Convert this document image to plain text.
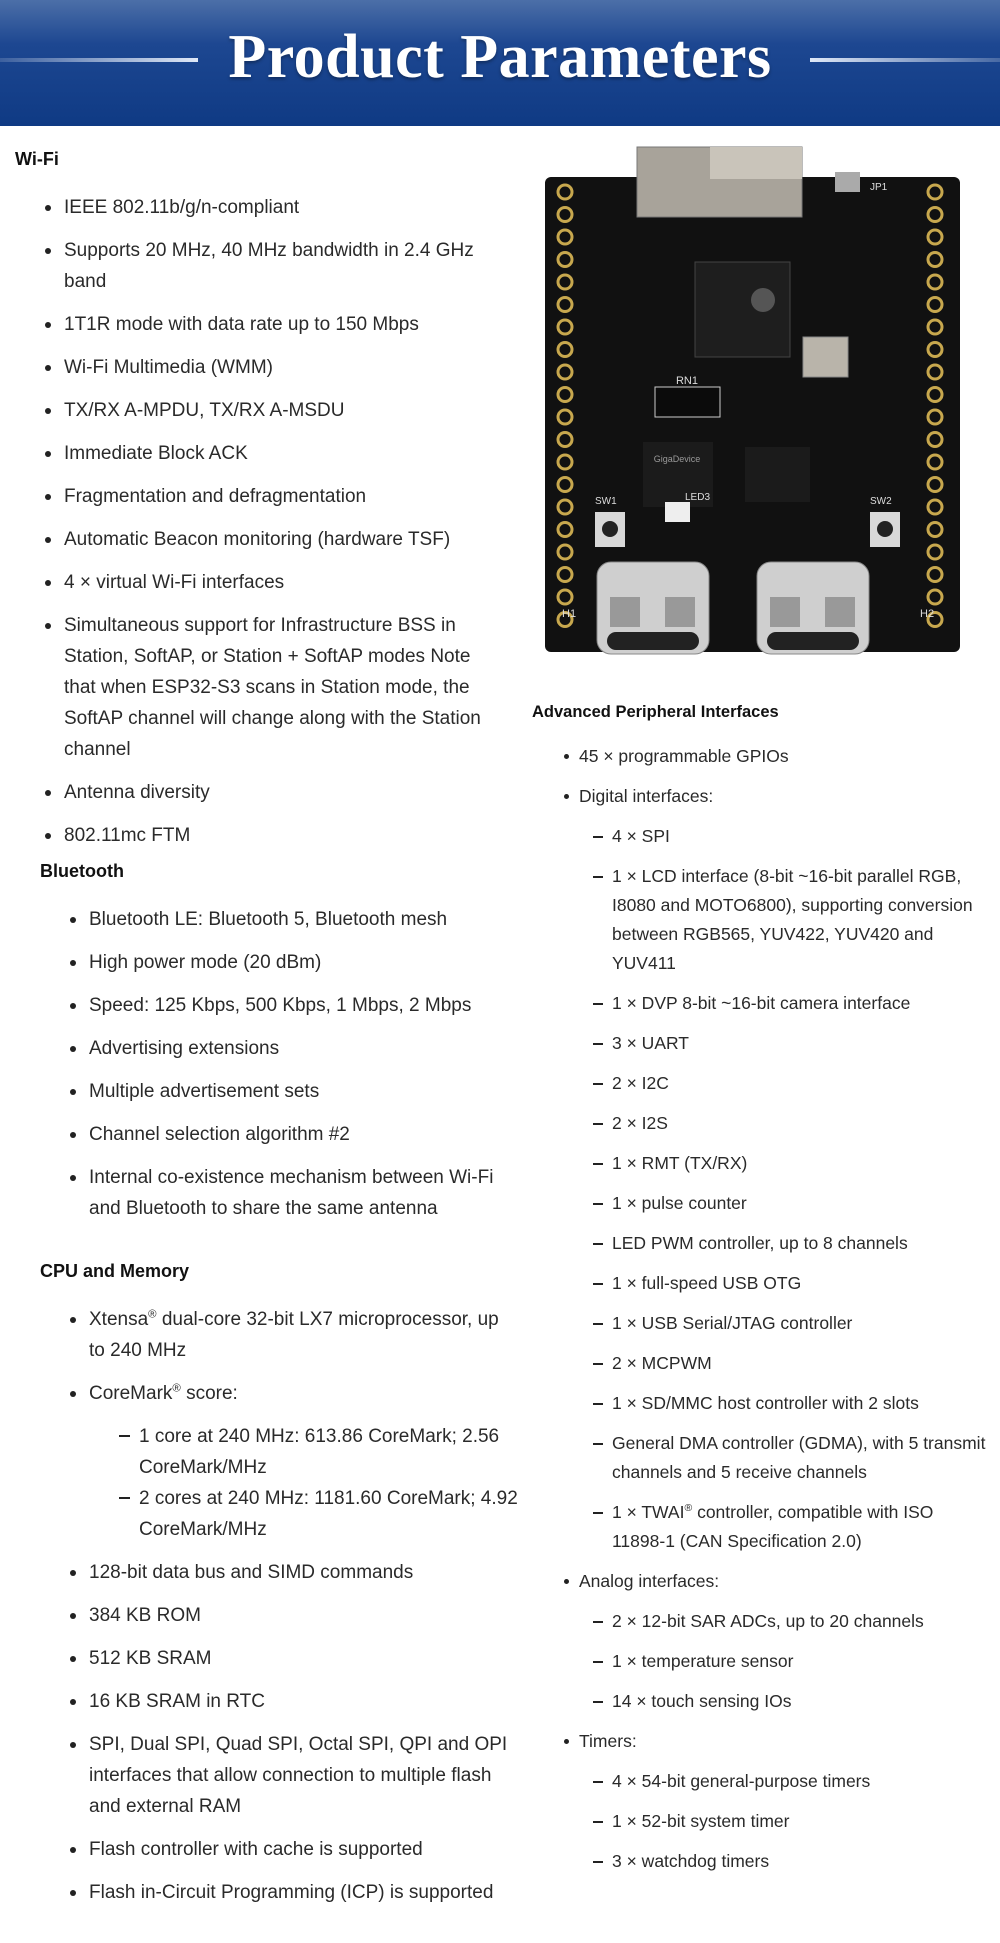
Product Parameters
Wi-Fi
IEEE 802.11b/g/n-compliant
Supports 20 MHz, 40 MHz bandwidth in 2.4 GHz band
1T1R mode with data rate up to 150 Mbps
Wi-Fi Multimedia (WMM)
TX/RX A-MPDU, TX/RX A-MSDU
Immediate Block ACK
Fragmentation and defragmentation
Automatic Beacon monitoring (hardware TSF)
4 × virtual Wi-Fi interfaces
Simultaneous support for Infrastructure BSS in Station, SoftAP, or Station + SoftAP modes Note that when ESP32-S3 scans in Station mode, the SoftAP channel will change along with the Station channel
Antenna diversity
802.11mc FTM
Bluetooth
Bluetooth LE: Bluetooth 5, Bluetooth mesh
High power mode (20 dBm)
Speed: 125 Kbps, 500 Kbps, 1 Mbps, 2 Mbps
Advertising extensions
Multiple advertisement sets
Channel selection algorithm #2
Internal co-existence mechanism between Wi-Fi and Bluetooth to share the same antenna
CPU and Memory
Xtensa® dual-core 32-bit LX7 microprocessor, up to 240 MHz
CoreMark® score:
1 core at 240 MHz: 613.86 CoreMark; 2.56 CoreMark/MHz
2 cores at 240 MHz: 1181.60 CoreMark; 4.92 CoreMark/MHz
128-bit data bus and SIMD commands
384 KB ROM
512 KB SRAM
16 KB SRAM in RTC
SPI, Dual SPI, Quad SPI, Octal SPI, QPI and OPI interfaces that allow connection to multiple flash and external RAM
Flash controller with cache is supported
Flash in-Circuit Programming (ICP) is supported
RN1
GigaDevice
JP1
SW1	SW2
LED3
H1	H2
Advanced Peripheral Interfaces
45 × programmable GPIOs
Digital interfaces:
4 × SPI
1 × LCD interface (8-bit ~16-bit parallel RGB, I8080 and MOTO6800), supporting conversion between RGB565, YUV422, YUV420 and YUV411
1 × DVP 8-bit ~16-bit camera interface
3 × UART
2 × I2C
2 × I2S
1 × RMT (TX/RX)
1 × pulse counter
LED PWM controller, up to 8 channels
1 × full-speed USB OTG
1 × USB Serial/JTAG controller
2 × MCPWM
1 × SD/MMC host controller with 2 slots
General DMA controller (GDMA), with 5 transmit channels and 5 receive channels
1 × TWAI® controller, compatible with ISO 11898-1 (CAN Specification 2.0)
Analog interfaces:
2 × 12-bit SAR ADCs, up to 20 channels
1 × temperature sensor
14 × touch sensing IOs
Timers:
4 × 54-bit general-purpose timers
1 × 52-bit system timer
3 × watchdog timers
